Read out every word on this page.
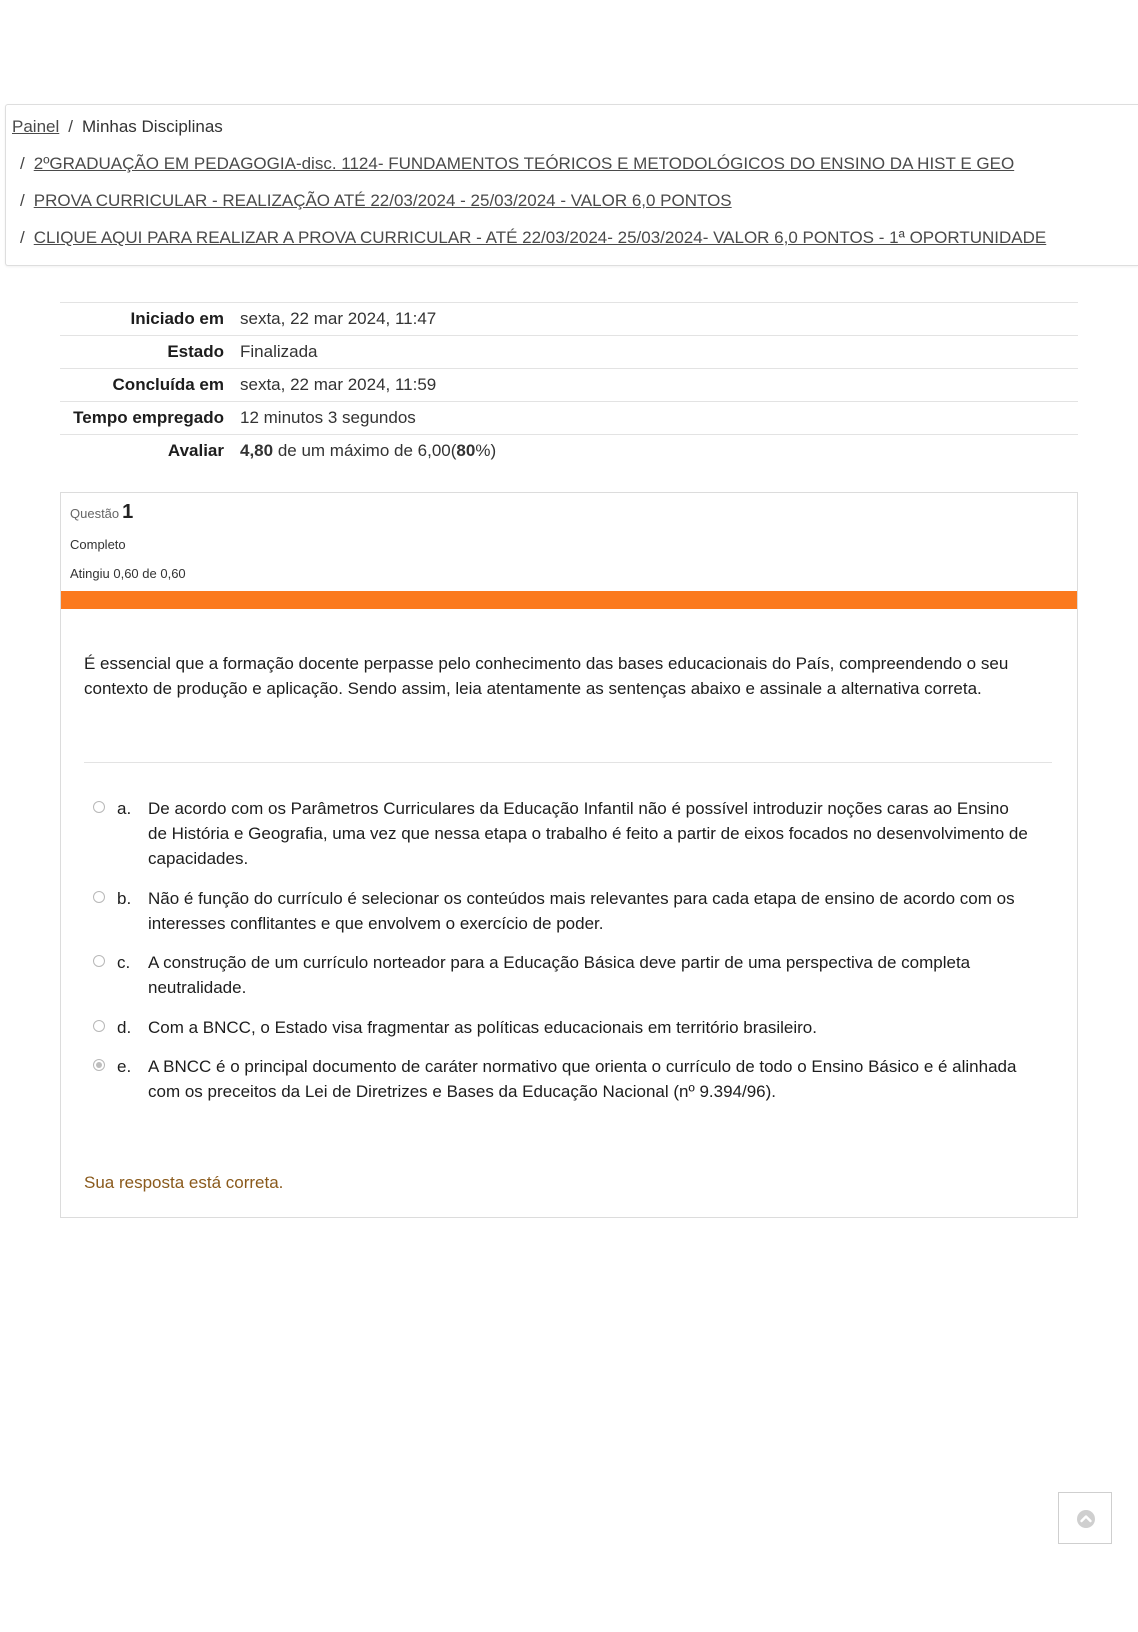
Painel / Minhas Disciplinas
/ 2ºGRADUAÇÃO EM PEDAGOGIA-disc. 1124- FUNDAMENTOS TEÓRICOS E METODOLÓGICOS DO ENSINO DA HIST E GEO
/ PROVA CURRICULAR - REALIZAÇÃO ATÉ 22/03/2024 - 25/03/2024 - VALOR 6,0 PONTOS
/ CLIQUE AQUI PARA REALIZAR A PROVA CURRICULAR - ATÉ 22/03/2024- 25/03/2024- VALOR 6,0 PONTOS - 1ª OPORTUNIDADE
Iniciado em	sexta, 22 mar 2024, 11:47
Estado	Finalizada
Concluída em	sexta, 22 mar 2024, 11:59
Tempo empregado	12 minutos 3 segundos
Avaliar	4,80 de um máximo de 6,00(80%)
Questão 1
Completo
Atingiu 0,60 de 0,60
É essencial que a formação docente perpasse pelo conhecimento das bases educacionais do País, compreendendo o seu contexto de produção e aplicação. Sendo assim, leia atentamente as sentenças abaixo e assinale a alternativa correta.
a. De acordo com os Parâmetros Curriculares da Educação Infantil não é possível introduzir noções caras ao Ensino de História e Geografia, uma vez que nessa etapa o trabalho é feito a partir de eixos focados no desenvolvimento de capacidades.
b. Não é função do currículo é selecionar os conteúdos mais relevantes para cada etapa de ensino de acordo com os interesses conflitantes e que envolvem o exercício de poder.
c. A construção de um currículo norteador para a Educação Básica deve partir de uma perspectiva de completa neutralidade.
d. Com a BNCC, o Estado visa fragmentar as políticas educacionais em território brasileiro.
e. A BNCC é o principal documento de caráter normativo que orienta o currículo de todo o Ensino Básico e é alinhada com os preceitos da Lei de Diretrizes e Bases da Educação Nacional (nº 9.394/96).
Sua resposta está correta.
